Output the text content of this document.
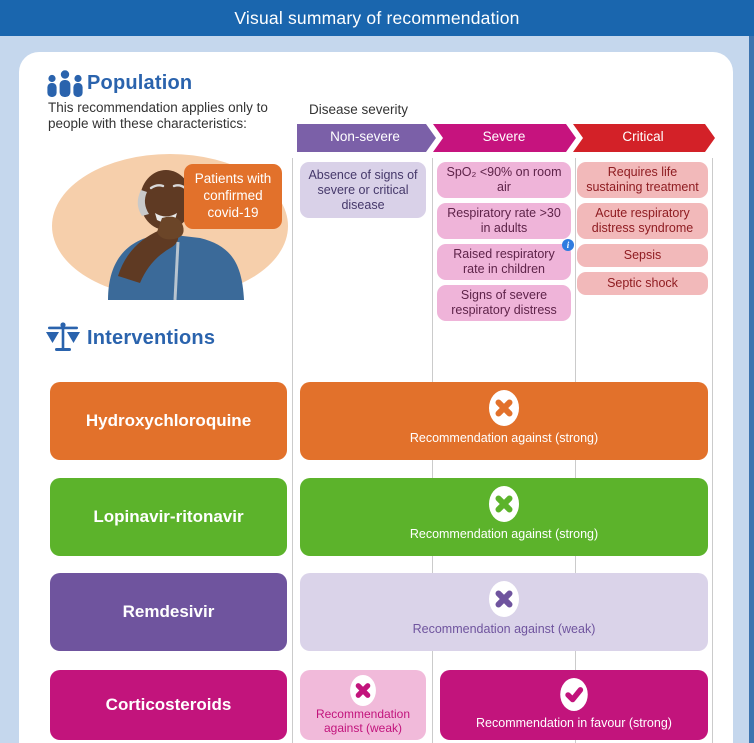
Visual summary of recommendation
Population
This recommendation applies only to people with these characteristics:
Disease severity
Non-severe	Severe	Critical
Patients with confirmed covid-19
Absence of signs of severe or critical disease
SpO₂ <90% on room air
Respiratory rate >30 in adults
Raised respiratory rate in children
i
Signs of severe respiratory distress
Requires life sustaining treatment
Acute respiratory distress syndrome
Sepsis
Septic shock
Interventions
Hydroxychloroquine
Recommendation against (strong)
Lopinavir-ritonavir
Recommendation against (strong)
Remdesivir
Recommendation against (weak)
Corticosteroids	Recommendation against (weak)	Recommendation in favour (strong)
